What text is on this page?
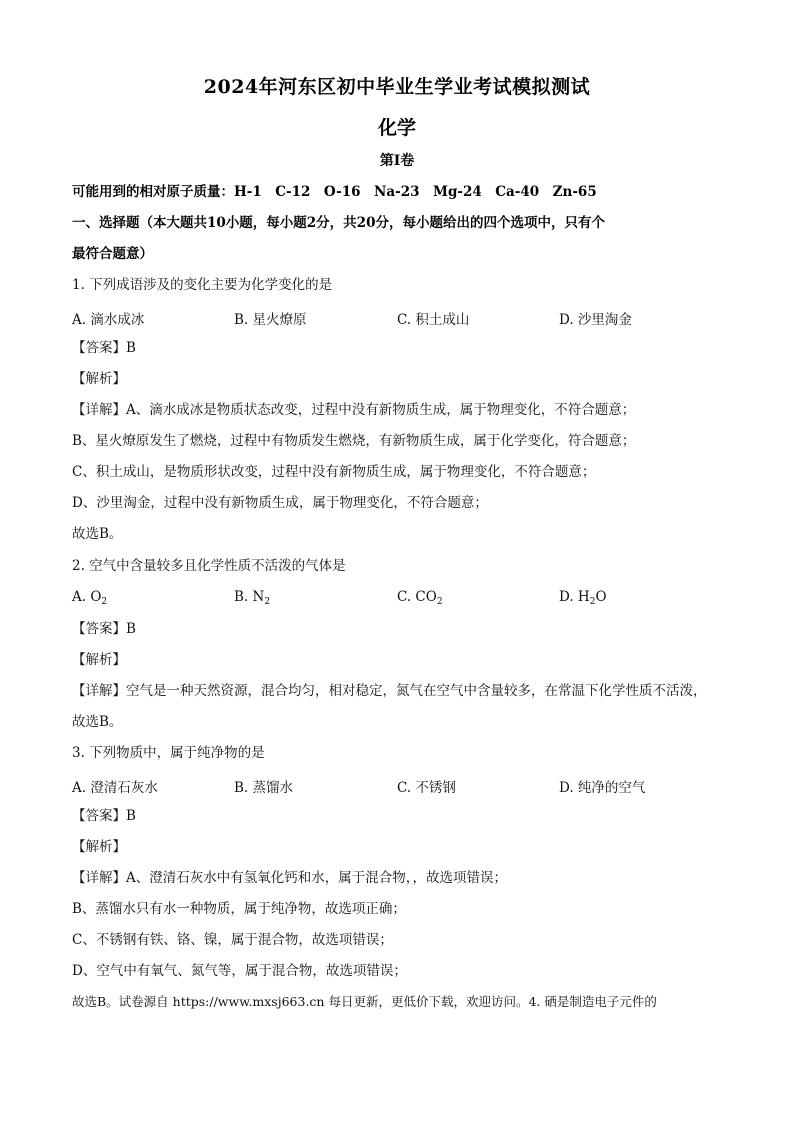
2024年河东区初中毕业生学业考试模拟测试
化学
第I卷
可能用到的相对原子质量：H-1　C-12　O-16　Na-23　Mg-24　Ca-40　Zn-65
一、选择题（本大题共10小题，每小题2分，共20分，每小题给出的四个选项中，只有个
最符合题意）
1. 下列成语涉及的变化主要为化学变化的是
A. 滴水成冰	B. 星火燎原	C. 积土成山	D. 沙里淘金
【答案】B
【解析】
【详解】A、滴水成冰是物质状态改变，过程中没有新物质生成，属于物理变化，不符合题意；
B、星火燎原发生了燃烧，过程中有物质发生燃烧，有新物质生成，属于化学变化，符合题意；
C、积土成山，是物质形状改变，过程中没有新物质生成，属于物理变化，不符合题意；
D、沙里淘金，过程中没有新物质生成，属于物理变化，不符合题意；
故选B。
2. 空气中含量较多且化学性质不活泼的气体是
A. $O_2$	B. $N_2$	C. $CO_2$	D. $H_2O$
【答案】B
【解析】
【详解】空气是一种天然资源，混合均匀，相对稳定，氮气在空气中含量较多，在常温下化学性质不活泼，
故选B。
3. 下列物质中，属于纯净物的是
A. 澄清石灰水	B. 蒸馏水	C. 不锈钢	D. 纯净的空气
【答案】B
【解析】
【详解】A、澄清石灰水中有氢氧化钙和水，属于混合物，，故选项错误；
B、蒸馏水只有水一种物质，属于纯净物，故选项正确；
C、不锈钢有铁、铬、镍，属于混合物，故选项错误；
D、空气中有氧气、氮气等，属于混合物，故选项错误；
故选B。试卷源自 https://www.mxsj663.cn 每日更新，更低价下载，欢迎访问。4. 硒是制造电子元件的
